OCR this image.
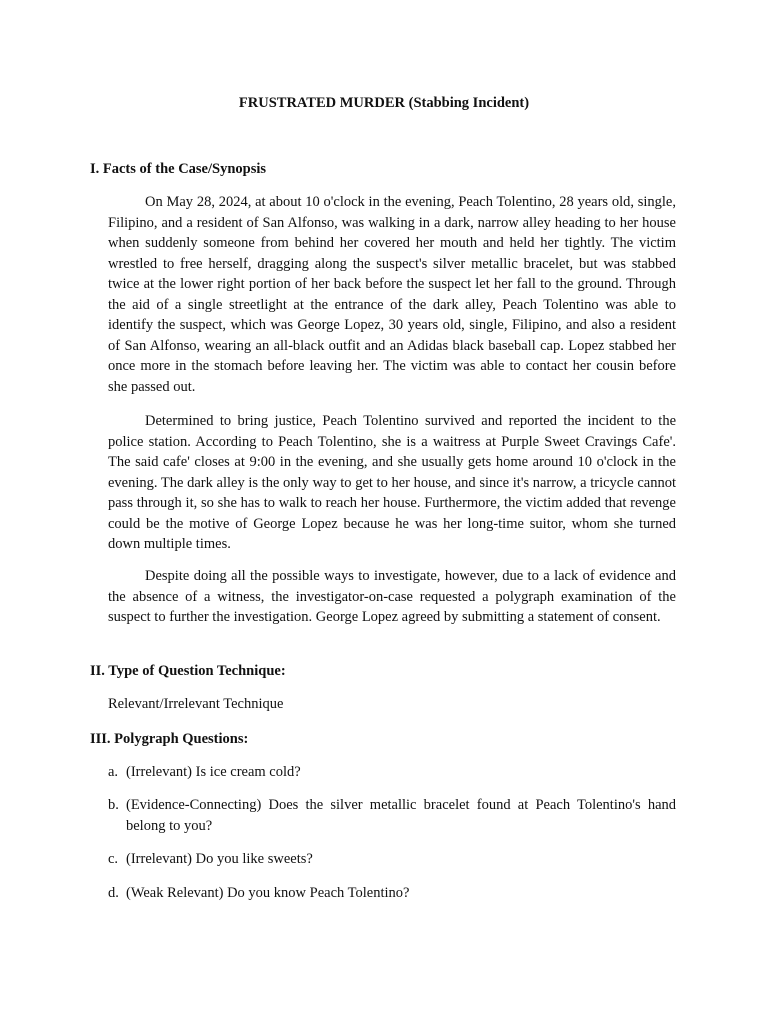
FRUSTRATED MURDER (Stabbing Incident)
I. Facts of the Case/Synopsis

On May 28, 2024, at about 10 o'clock in the evening, Peach Tolentino, 28 years old, single, Filipino, and a resident of San Alfonso, was walking in a dark, narrow alley heading to her house when suddenly someone from behind her covered her mouth and held her tightly. The victim wrestled to free herself, dragging along the suspect's silver metallic bracelet, but was stabbed twice at the lower right portion of her back before the suspect let her fall to the ground. Through the aid of a single streetlight at the entrance of the dark alley, Peach Tolentino was able to identify the suspect, which was George Lopez, 30 years old, single, Filipino, and also a resident of San Alfonso, wearing an all-black outfit and an Adidas black baseball cap. Lopez stabbed her once more in the stomach before leaving her. The victim was able to contact her cousin before she passed out.

Determined to bring justice, Peach Tolentino survived and reported the incident to the police station. According to Peach Tolentino, she is a waitress at Purple Sweet Cravings Cafe'. The said cafe' closes at 9:00 in the evening, and she usually gets home around 10 o'clock in the evening. The dark alley is the only way to get to her house, and since it's narrow, a tricycle cannot pass through it, so she has to walk to reach her house. Furthermore, the victim added that revenge could be the motive of George Lopez because he was her long-time suitor, whom she turned down multiple times.

Despite doing all the possible ways to investigate, however, due to a lack of evidence and the absence of a witness, the investigator-on-case requested a polygraph examination of the suspect to further the investigation. George Lopez agreed by submitting a statement of consent.

II. Type of Question Technique:

Relevant/Irrelevant Technique

III. Polygraph Questions:
a. (Irrelevant) Is ice cream cold?
b. (Evidence-Connecting) Does the silver metallic bracelet found at Peach Tolentino's hand belong to you?
c. (Irrelevant) Do you like sweets?
d. (Weak Relevant) Do you know Peach Tolentino?
